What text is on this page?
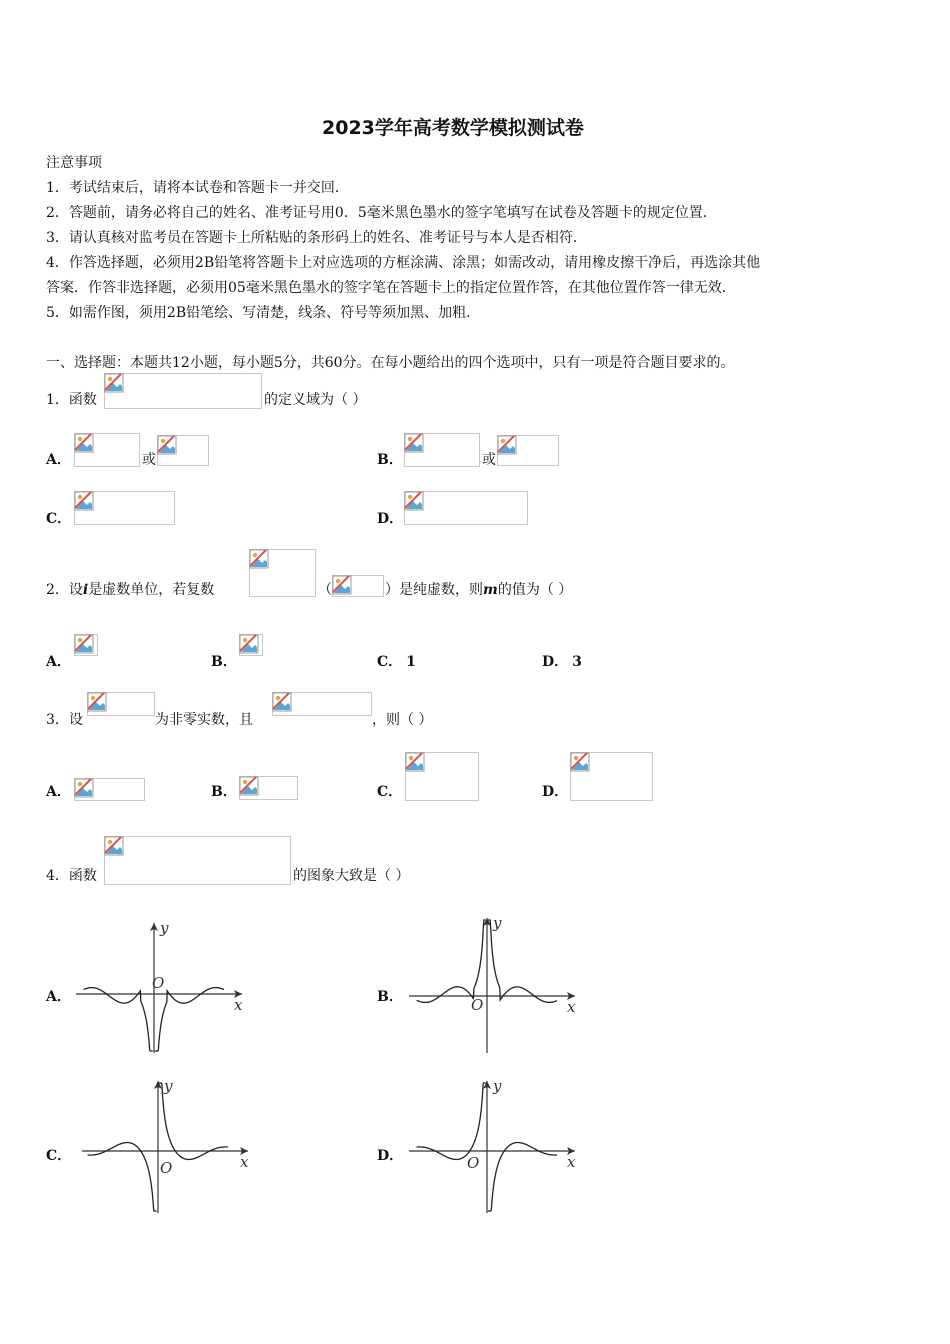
2023学年高考数学模拟测试卷
注意事项
1．考试结束后，请将本试卷和答题卡一并交回．
2．答题前，请务必将自己的姓名、准考证号用0．5毫米黑色墨水的签字笔填写在试卷及答题卡的规定位置．
3．请认真核对监考员在答题卡上所粘贴的条形码上的姓名、准考证号与本人是否相符．
4．作答选择题，必须用2B铅笔将答题卡上对应选项的方框涂满、涂黑；如需改动，请用橡皮擦干净后，再选涂其他
答案．作答非选择题，必须用05毫米黑色墨水的签字笔在答题卡上的指定位置作答，在其他位置作答一律无效．
5．如需作图，须用2B铅笔绘、写清楚，线条、符号等须加黑、加粗．
一、选择题：本题共12小题，每小题5分，共60分。在每小题给出的四个选项中，只有一项是符合题目要求的。
1．函数	的定义域为（ ）
A．	或	B．	或
C．	D．
2．设i是虚数单位，若复数	（	）是纯虚数，则m的值为（ ）
A．	B．	C． 1	D． 3
3．设	为非零实数，且	，则（ ）
A．	B．	C．	D．
4．函数	的图象大致是（ ）
A．	x
y
O
B．
x
y
O
C．	x
y
O
D．	x
y
O
